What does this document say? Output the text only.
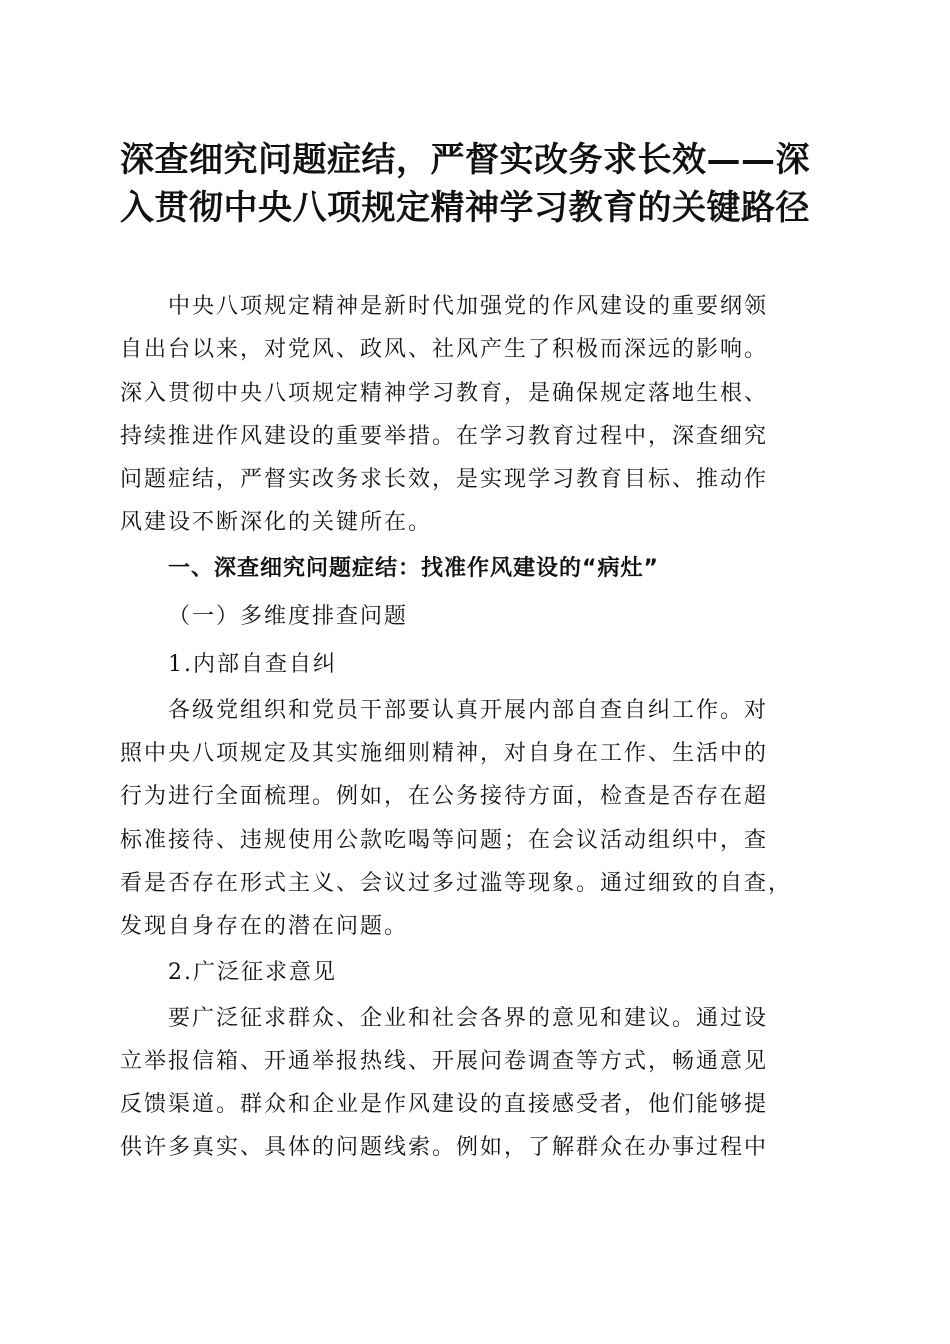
深查细究问题症结，严督实改务求长效——深
入贯彻中央八项规定精神学习教育的关键路径

中央八项规定精神是新时代加强党的作风建设的重要纲领
自出台以来，对党风、政风、社风产生了积极而深远的影响。
深入贯彻中央八项规定精神学习教育，是确保规定落地生根、
持续推进作风建设的重要举措。在学习教育过程中，深查细究
问题症结，严督实改务求长效，是实现学习教育目标、推动作
风建设不断深化的关键所在。

一、深查细究问题症结：找准作风建设的“病灶”

（一）多维度排查问题

1.内部自查自纠

各级党组织和党员干部要认真开展内部自查自纠工作。对
照中央八项规定及其实施细则精神，对自身在工作、生活中的
行为进行全面梳理。例如，在公务接待方面，检查是否存在超
标准接待、违规使用公款吃喝等问题；在会议活动组织中，查
看是否存在形式主义、会议过多过滥等现象。通过细致的自查，
发现自身存在的潜在问题。

2.广泛征求意见

要广泛征求群众、企业和社会各界的意见和建议。通过设
立举报信箱、开通举报热线、开展问卷调查等方式，畅通意见
反馈渠道。群众和企业是作风建设的直接感受者，他们能够提
供许多真实、具体的问题线索。例如，了解群众在办事过程中
